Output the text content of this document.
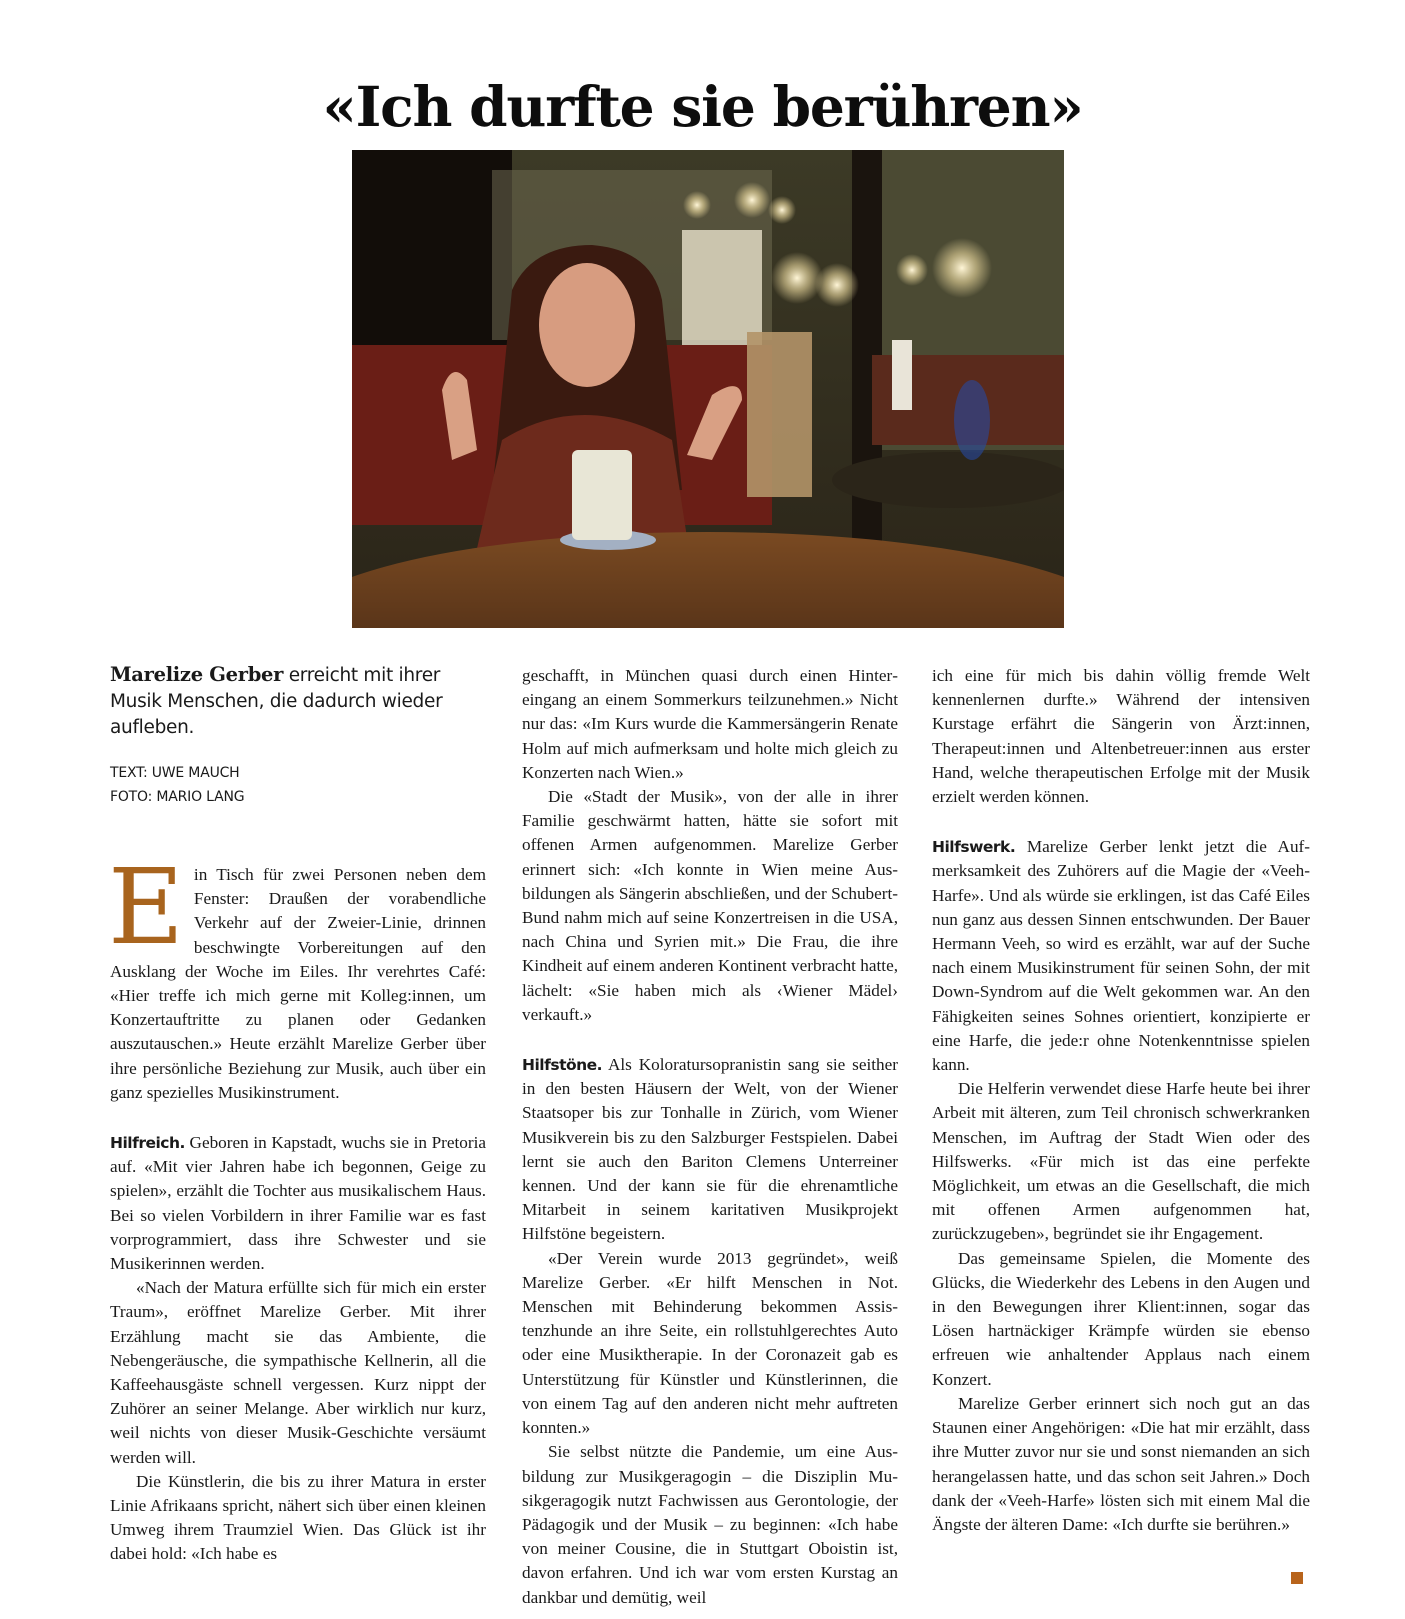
«Ich durfte sie berühren»

Marelize Gerber erreicht mit ihrer Musik Menschen, die dadurch wieder aufleben.

TEXT: UWE MAUCH
FOTO: MARIO LANG

Ein Tisch für zwei Personen neben dem Fenster: Draußen der vorabendliche Verkehr auf der Zweier-Linie, drinnen beschwingte Vorbereitungen auf den Ausklang der Woche im Eiles. Ihr verehrtes Café: «Hier treffe ich mich gerne mit Kolleg:innen, um Konzertauftritte zu planen oder Gedanken auszutauschen.» Heute erzählt Marelize Gerber über ihre persönliche Beziehung zur Musik, auch über ein ganz spezielles Musikinstrument.

Hilfreich. Geboren in Kapstadt, wuchs sie in Pretoria auf. «Mit vier Jahren habe ich begonnen, Geige zu spielen», erzählt die Tochter aus musikalischem Haus. Bei so vielen Vorbildern in ihrer Familie war es fast vorprogrammiert, dass ihre Schwester und sie Musikerinnen werden.

«Nach der Matura erfüllte sich für mich ein erster Traum», eröffnet Marelize Gerber. Mit ihrer Erzählung macht sie das Ambiente, die Nebengeräusche, die sympathische Kellnerin, all die Kaffeehausgäste schnell vergessen. Kurz nippt der Zuhörer an seiner Melange. Aber wirklich nur kurz, weil nichts von dieser Musik-Geschichte versäumt werden will.

Die Künstlerin, die bis zu ihrer Matura in erster Linie Afrikaans spricht, nähert sich über einen kleinen Umweg ihrem Traumziel Wien. Das Glück ist ihr dabei hold: «Ich habe es

geschafft, in München quasi durch einen Hintereingang an einem Sommerkurs teilzunehmen.» Nicht nur das: «Im Kurs wurde die Kammersängerin Renate Holm auf mich aufmerksam und holte mich gleich zu Konzerten nach Wien.»

Die «Stadt der Musik», von der alle in ihrer Familie geschwärmt hatten, hätte sie sofort mit offenen Armen aufgenommen. Marelize Gerber erinnert sich: «Ich konnte in Wien meine Ausbildungen als Sängerin abschließen, und der Schubert-Bund nahm mich auf seine Konzertreisen in die USA, nach China und Syrien mit.» Die Frau, die ihre Kindheit auf einem anderen Kontinent verbracht hatte, lächelt: «Sie haben mich als ‹Wiener Mädel› verkauft.»

Hilfstöne. Als Koloratursopranistin sang sie seither in den besten Häusern der Welt, von der Wiener Staatsoper bis zur Tonhalle in Zürich, vom Wiener Musikverein bis zu den Salzburger Festspielen. Dabei lernt sie auch den Bariton Clemens Unterreiner kennen. Und der kann sie für die ehrenamtliche Mitarbeit in seinem karitativen Musikprojekt Hilfstöne begeistern.

«Der Verein wurde 2013 gegründet», weiß Marelize Gerber. «Er hilft Menschen in Not. Menschen mit Behinderung bekommen Assistenzhunde an ihre Seite, ein rollstuhlgerechtes Auto oder eine Musiktherapie. In der Coronazeit gab es Unterstützung für Künstler und Künstlerinnen, die von einem Tag auf den anderen nicht mehr auftreten konnten.»

Sie selbst nützte die Pandemie, um eine Ausbildung zur Musikgeragogin – die Disziplin Musikgeragogik nutzt Fachwissen aus Gerontologie, der Pädagogik und der Musik – zu beginnen: «Ich habe von meiner Cousine, die in Stuttgart Oboistin ist, davon erfahren. Und ich war vom ersten Kurstag an dankbar und demütig, weil

ich eine für mich bis dahin völlig fremde Welt kennenlernen durfte.» Während der intensiven Kurstage erfährt die Sängerin von Ärzt:innen, Therapeut:innen und Altenbetreuer:innen aus erster Hand, welche therapeutischen Erfolge mit der Musik erzielt werden können.

Hilfswerk. Marelize Gerber lenkt jetzt die Aufmerksamkeit des Zuhörers auf die Magie der «Veeh-Harfe». Und als würde sie erklingen, ist das Café Eiles nun ganz aus dessen Sinnen entschwunden. Der Bauer Hermann Veeh, so wird es erzählt, war auf der Suche nach einem Musikinstrument für seinen Sohn, der mit Down-Syndrom auf die Welt gekommen war. An den Fähigkeiten seines Sohnes orientiert, konzipierte er eine Harfe, die jede:r ohne Notenkenntnisse spielen kann.

Die Helferin verwendet diese Harfe heute bei ihrer Arbeit mit älteren, zum Teil chronisch schwerkranken Menschen, im Auftrag der Stadt Wien oder des Hilfswerks. «Für mich ist das eine perfekte Möglichkeit, um etwas an die Gesellschaft, die mich mit offenen Armen aufgenommen hat, zurückzugeben», begründet sie ihr Engagement.

Das gemeinsame Spielen, die Momente des Glücks, die Wiederkehr des Lebens in den Augen und in den Bewegungen ihrer Klient:innen, sogar das Lösen hartnäckiger Krämpfe würden sie ebenso erfreuen wie anhaltender Applaus nach einem Konzert.

Marelize Gerber erinnert sich noch gut an das Staunen einer Angehörigen: «Die hat mir erzählt, dass ihre Mutter zuvor nur sie und sonst niemanden an sich herangelassen hatte, und das schon seit Jahren.» Doch dank der «Veeh-Harfe» lösten sich mit einem Mal die Ängste der älteren Dame: «Ich durfte sie berühren.»
